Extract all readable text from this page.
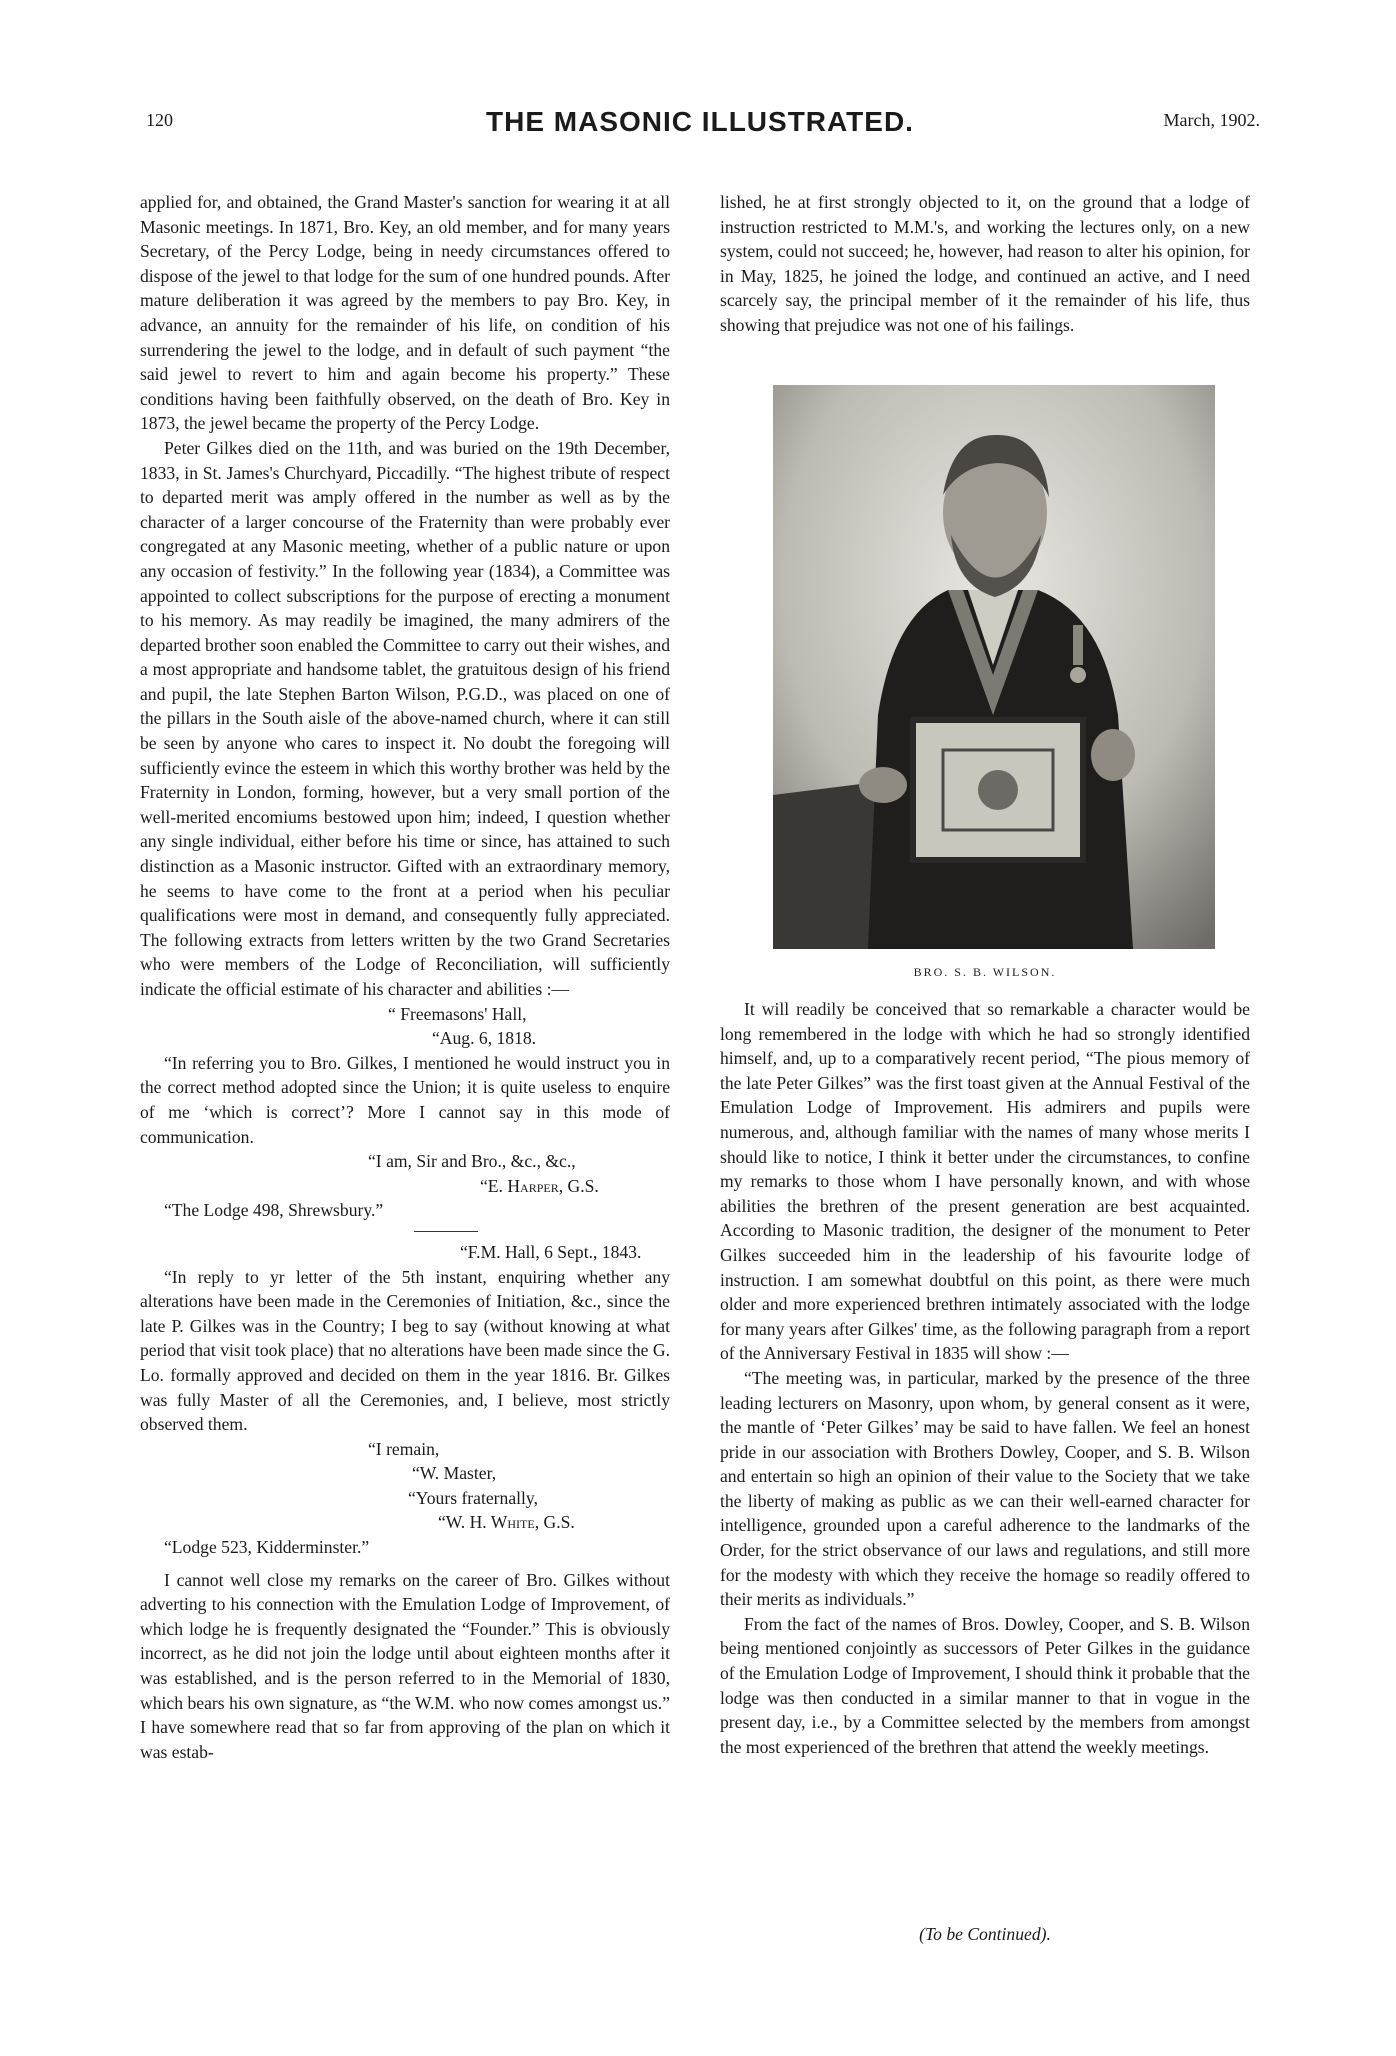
120	THE MASONIC ILLUSTRATED.	March, 1902.

applied for, and obtained, the Grand Master's sanction for wearing it at all Masonic meetings. In 1871, Bro. Key, an old member, and for many years Secretary, of the Percy Lodge, being in needy circumstances offered to dispose of the jewel to that lodge for the sum of one hundred pounds. After mature deliberation it was agreed by the members to pay Bro. Key, in advance, an annuity for the remainder of his life, on condition of his surrendering the jewel to the lodge, and in default of such payment “the said jewel to revert to him and again become his property.” These conditions having been faithfully observed, on the death of Bro. Key in 1873, the jewel became the property of the Percy Lodge.

Peter Gilkes died on the 11th, and was buried on the 19th December, 1833, in St. James's Churchyard, Piccadilly. “The highest tribute of respect to departed merit was amply offered in the number as well as by the character of a larger concourse of the Fraternity than were probably ever congregated at any Masonic meeting, whether of a public nature or upon any occasion of festivity.” In the following year (1834), a Committee was appointed to collect subscriptions for the purpose of erecting a monument to his memory. As may readily be imagined, the many admirers of the departed brother soon enabled the Committee to carry out their wishes, and a most appropriate and handsome tablet, the gratuitous design of his friend and pupil, the late Stephen Barton Wilson, P.G.D., was placed on one of the pillars in the South aisle of the above-named church, where it can still be seen by anyone who cares to inspect it. No doubt the foregoing will sufficiently evince the esteem in which this worthy brother was held by the Fraternity in London, forming, however, but a very small portion of the well-merited encomiums bestowed upon him; indeed, I question whether any single individual, either before his time or since, has attained to such distinction as a Masonic instructor. Gifted with an extraordinary memory, he seems to have come to the front at a period when his peculiar qualifications were most in demand, and consequently fully appreciated. The following extracts from letters written by the two Grand Secretaries who were members of the Lodge of Reconciliation, will sufficiently indicate the official estimate of his character and abilities :—

“ Freemasons' Hall,
“Aug. 6, 1818.

“In referring you to Bro. Gilkes, I mentioned he would instruct you in the correct method adopted since the Union; it is quite useless to enquire of me ‘which is correct’? More I cannot say in this mode of communication.

“I am, Sir and Bro., &c., &c.,
“E. Harper, G.S.
“The Lodge 498, Shrewsbury.”
“F.M. Hall, 6 Sept., 1843.

“In reply to yr letter of the 5th instant, enquiring whether any alterations have been made in the Ceremonies of Initiation, &c., since the late P. Gilkes was in the Country; I beg to say (without knowing at what period that visit took place) that no alterations have been made since the G. Lo. formally approved and decided on them in the year 1816. Br. Gilkes was fully Master of all the Ceremonies, and, I believe, most strictly observed them.

“I remain,
“W. Master,
“Yours fraternally,
“W. H. White, G.S.
“Lodge 523, Kidderminster.”

I cannot well close my remarks on the career of Bro. Gilkes without adverting to his connection with the Emulation Lodge of Improvement, of which lodge he is frequently designated the “Founder.” This is obviously incorrect, as he did not join the lodge until about eighteen months after it was established, and is the person referred to in the Memorial of 1830, which bears his own signature, as “the W.M. who now comes amongst us.” I have somewhere read that so far from approving of the plan on which it was estab-

lished, he at first strongly objected to it, on the ground that a lodge of instruction restricted to M.M.'s, and working the lectures only, on a new system, could not succeed; he, however, had reason to alter his opinion, for in May, 1825, he joined the lodge, and continued an active, and I need scarcely say, the principal member of it the remainder of his life, thus showing that prejudice was not one of his failings.

BRO. S. B. WILSON.

It will readily be conceived that so remarkable a character would be long remembered in the lodge with which he had so strongly identified himself, and, up to a comparatively recent period, “The pious memory of the late Peter Gilkes” was the first toast given at the Annual Festival of the Emulation Lodge of Improvement. His admirers and pupils were numerous, and, although familiar with the names of many whose merits I should like to notice, I think it better under the circumstances, to confine my remarks to those whom I have personally known, and with whose abilities the brethren of the present generation are best acquainted. According to Masonic tradition, the designer of the monument to Peter Gilkes succeeded him in the leadership of his favourite lodge of instruction. I am somewhat doubtful on this point, as there were much older and more experienced brethren intimately associated with the lodge for many years after Gilkes' time, as the following paragraph from a report of the Anniversary Festival in 1835 will show :—

“The meeting was, in particular, marked by the presence of the three leading lecturers on Masonry, upon whom, by general consent as it were, the mantle of ‘Peter Gilkes’ may be said to have fallen. We feel an honest pride in our association with Brothers Dowley, Cooper, and S. B. Wilson and entertain so high an opinion of their value to the Society that we take the liberty of making as public as we can their well-earned character for intelligence, grounded upon a careful adherence to the landmarks of the Order, for the strict observance of our laws and regulations, and still more for the modesty with which they receive the homage so readily offered to their merits as individuals.”

From the fact of the names of Bros. Dowley, Cooper, and S. B. Wilson being mentioned conjointly as successors of Peter Gilkes in the guidance of the Emulation Lodge of Improvement, I should think it probable that the lodge was then conducted in a similar manner to that in vogue in the present day, i.e., by a Committee selected by the members from amongst the most experienced of the brethren that attend the weekly meetings.

(To be Continued).
